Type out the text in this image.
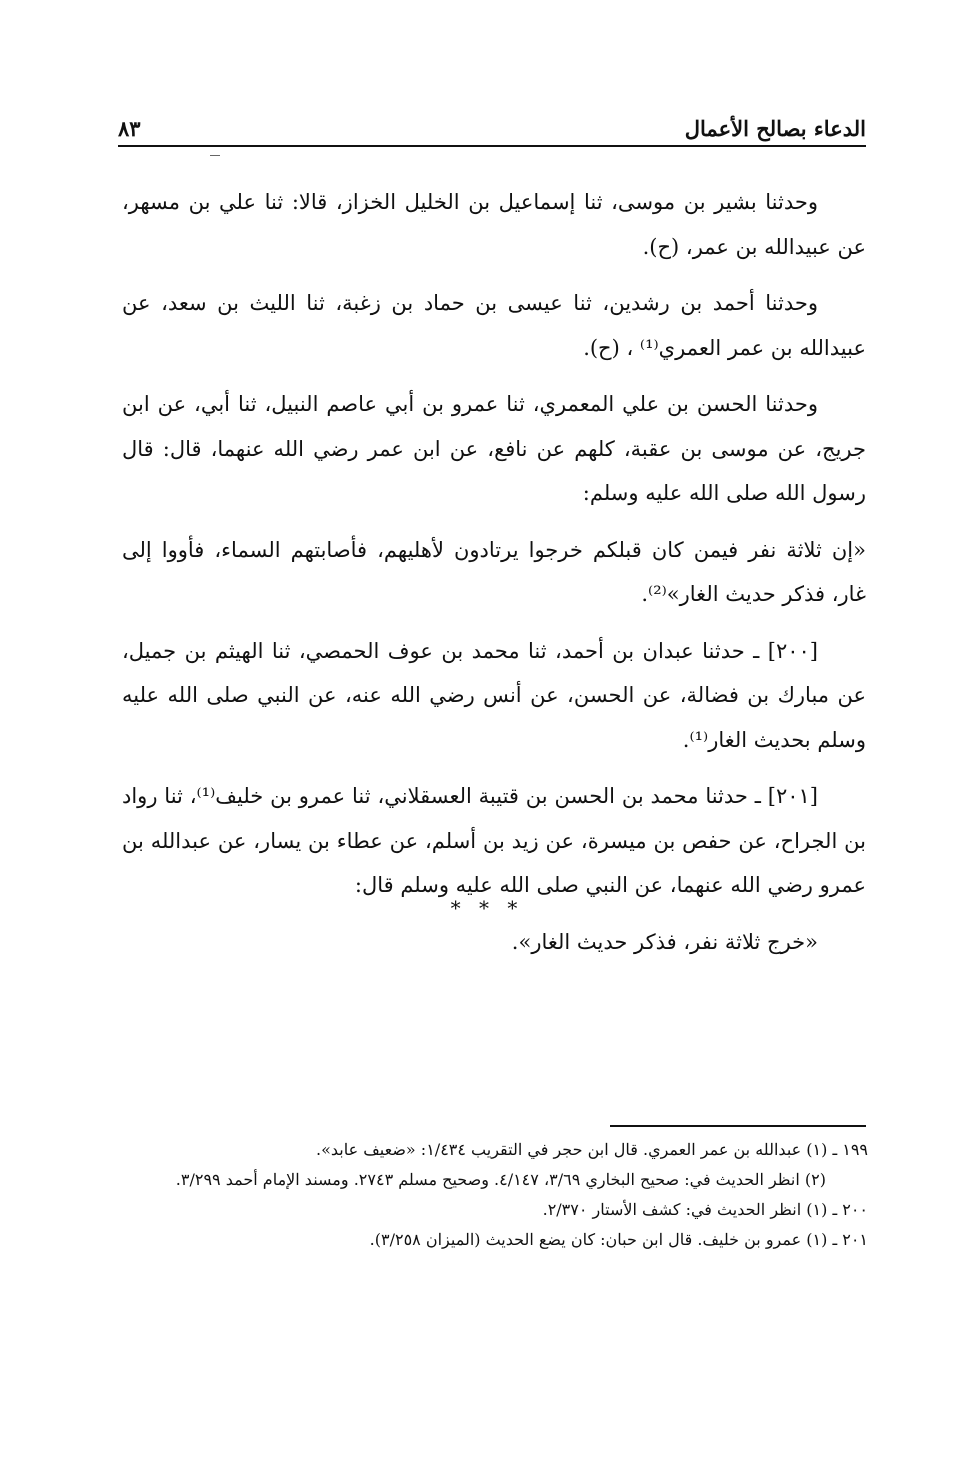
الدعاء بصالح الأعمال
٨٣

وحدثنا بشير بن موسى، ثنا إسماعيل بن الخليل الخزاز، قالا: ثنا علي بن مسهر، عن عبيدالله بن عمر، (ح).

وحدثنا أحمد بن رشدين، ثنا عيسى بن حماد بن زغبة، ثنا الليث بن سعد، عن عبيدالله بن عمر العمري⁽¹⁾ ، (ح).

وحدثنا الحسن بن علي المعمري، ثنا عمرو بن أبي عاصم النبيل، ثنا أبي، عن ابن جريج، عن موسى بن عقبة، كلهم عن نافع، عن ابن عمر رضي الله عنهما، قال: قال رسول الله صلى الله عليه وسلم:

«إن ثلاثة نفر فيمن كان قبلكم خرجوا يرتادون لأهليهم، فأصابتهم السماء، فأووا إلى غار، فذكر حديث الغار»⁽²⁾.

[٢٠٠] ـ حدثنا عبدان بن أحمد، ثنا محمد بن عوف الحمصي، ثنا الهيثم بن جميل، عن مبارك بن فضالة، عن الحسن، عن أنس رضي الله عنه، عن النبي صلى الله عليه وسلم بحديث الغار⁽¹⁾.

[٢٠١] ـ حدثنا محمد بن الحسن بن قتيبة العسقلاني، ثنا عمرو بن خليف⁽¹⁾، ثنا رواد بن الجراح، عن حفص بن ميسرة، عن زيد بن أسلم، عن عطاء بن يسار، عن عبدالله بن عمرو رضي الله عنهما، عن النبي صلى الله عليه وسلم قال:

«خرج ثلاثة نفر، فذكر حديث الغار».

* * *

١٩٩ ـ (١) عبدالله بن عمر العمري. قال ابن حجر في التقريب ١/٤٣٤: «ضعيف عابد».

(٢) انظر الحديث في: صحيح البخاري ٣/٦٩، ٤/١٤٧. وصحيح مسلم ٢٧٤٣. ومسند الإمام أحمد ٣/٢٩٩.

٢٠٠ ـ (١) انظر الحديث في: كشف الأستار ٢/٣٧٠.

٢٠١ ـ (١) عمرو بن خليف. قال ابن حبان: كان يضع الحديث (الميزان ٣/٢٥٨).
